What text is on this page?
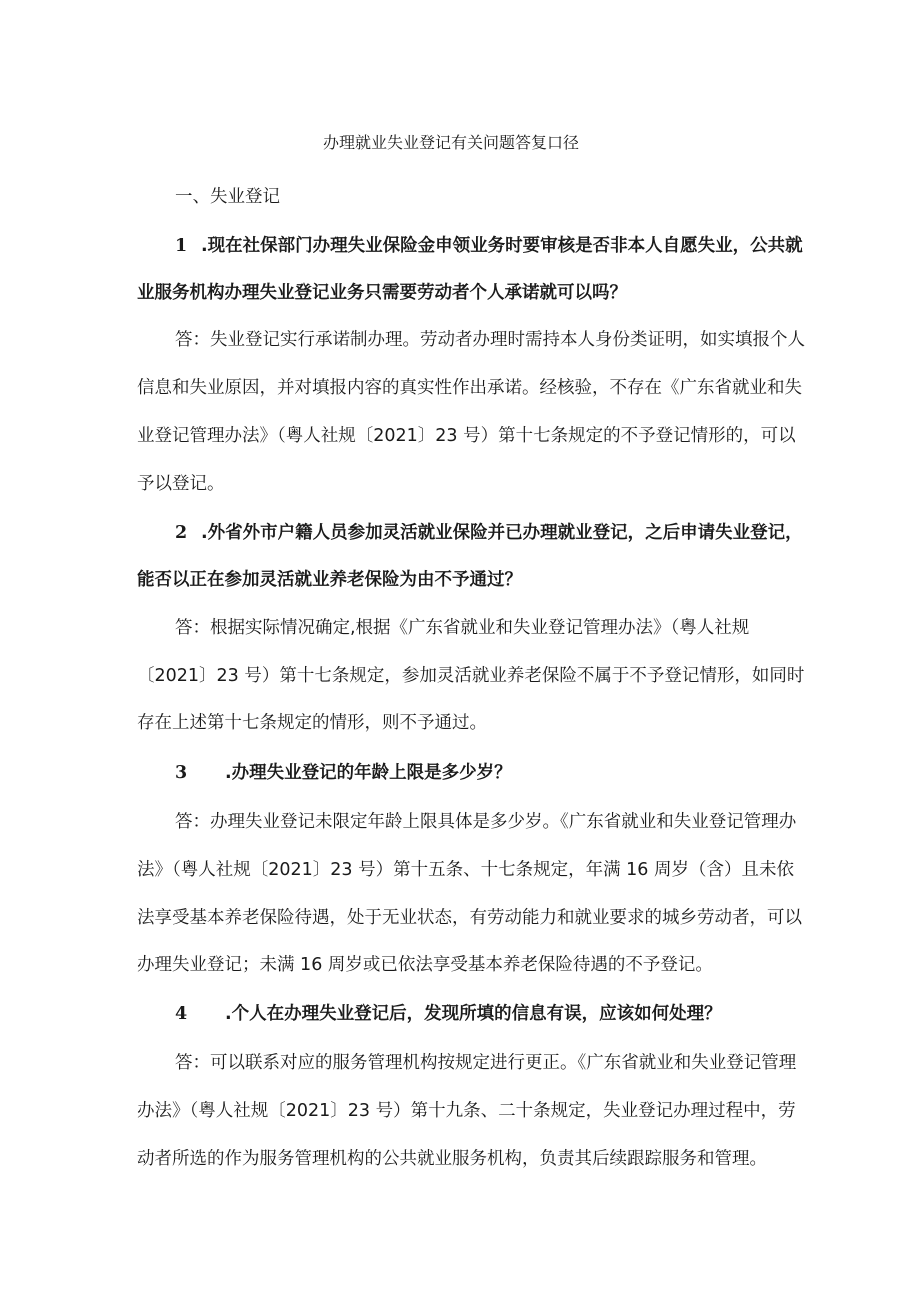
办理就业失业登记有关问题答复口径
一、失业登记
1 .现在社保部门办理失业保险金申领业务时要审核是否非本人自愿失业，公共就
业服务机构办理失业登记业务只需要劳动者个人承诺就可以吗？
答：失业登记实行承诺制办理。劳动者办理时需持本人身份类证明，如实填报个人
信息和失业原因，并对填报内容的真实性作出承诺。经核验，不存在《广东省就业和失
业登记管理办法》（粤人社规〔2021〕23 号）第十七条规定的不予登记情形的，可以
予以登记。
2 .外省外市户籍人员参加灵活就业保险并已办理就业登记，之后申请失业登记，
能否以正在参加灵活就业养老保险为由不予通过？
答：根据实际情况确定,根据《广东省就业和失业登记管理办法》（粤人社规
〔2021〕23 号）第十七条规定，参加灵活就业养老保险不属于不予登记情形，如同时
存在上述第十七条规定的情形，则不予通过。
3 .办理失业登记的年龄上限是多少岁？
答：办理失业登记未限定年龄上限具体是多少岁。《广东省就业和失业登记管理办
法》（粤人社规〔2021〕23 号）第十五条、十七条规定，年满 16 周岁（含）且未依
法享受基本养老保险待遇，处于无业状态，有劳动能力和就业要求的城乡劳动者，可以
办理失业登记；未满 16 周岁或已依法享受基本养老保险待遇的不予登记。
4 .个人在办理失业登记后，发现所填的信息有误，应该如何处理？
答：可以联系对应的服务管理机构按规定进行更正。《广东省就业和失业登记管理
办法》（粤人社规〔2021〕23 号）第十九条、二十条规定，失业登记办理过程中，劳
动者所选的作为服务管理机构的公共就业服务机构，负责其后续跟踪服务和管理。
